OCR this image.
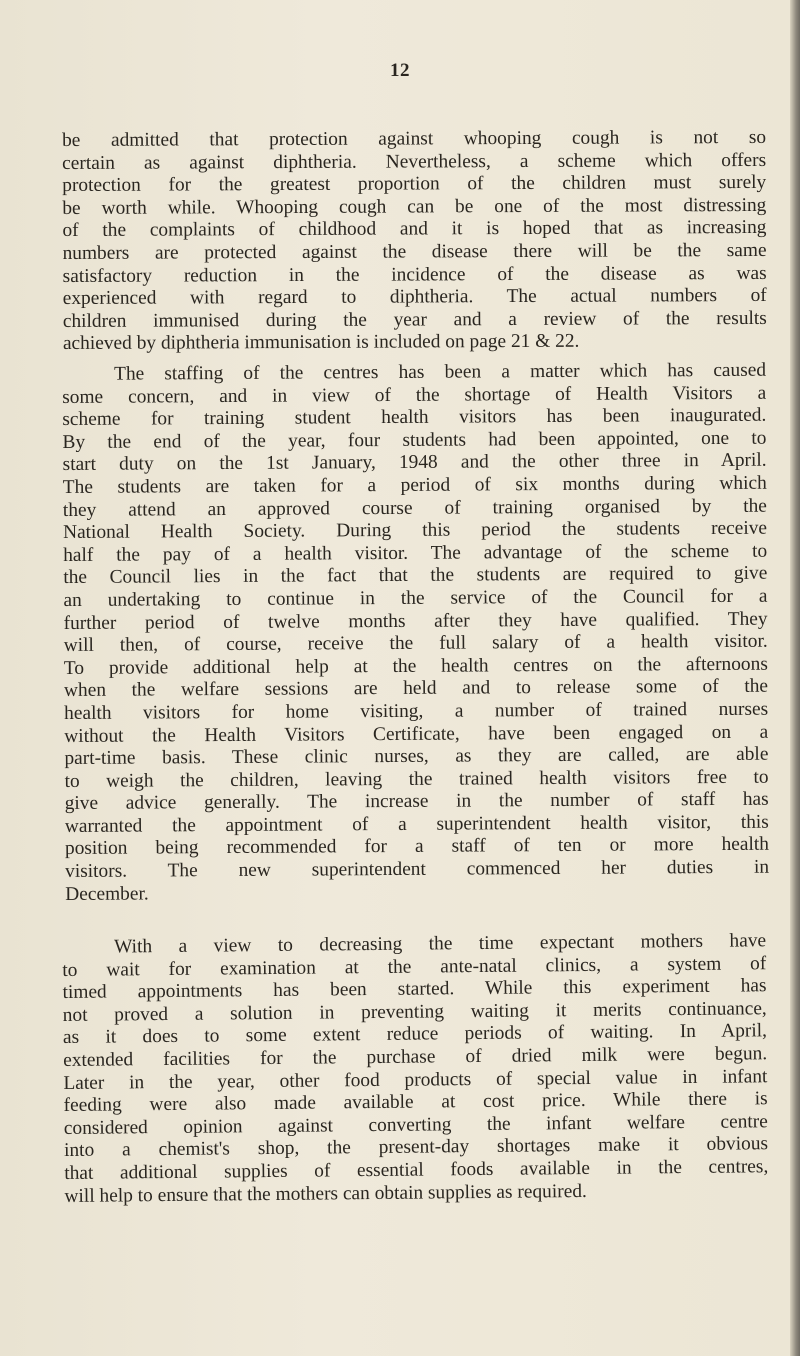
12
be admitted that protection against whooping cough is not so
certain as against diphtheria. Nevertheless, a scheme which offers
protection for the greatest proportion of the children must surely
be worth while. Whooping cough can be one of the most distressing
of the complaints of childhood and it is hoped that as increasing
numbers are protected against the disease there will be the same
satisfactory reduction in the incidence of the disease as was
experienced with regard to diphtheria. The actual numbers of
children immunised during the year and a review of the results
achieved by diphtheria immunisation is included on page 21 & 22.
The staffing of the centres has been a matter which has caused
some concern, and in view of the shortage of Health Visitors a
scheme for training student health visitors has been inaugurated.
By the end of the year, four students had been appointed, one to
start duty on the 1st January, 1948 and the other three in April.
The students are taken for a period of six months during which
they attend an approved course of training organised by the
National Health Society. During this period the students receive
half the pay of a health visitor. The advantage of the scheme to
the Council lies in the fact that the students are required to give
an undertaking to continue in the service of the Council for a
further period of twelve months after they have qualified. They
will then, of course, receive the full salary of a health visitor.
To provide additional help at the health centres on the afternoons
when the welfare sessions are held and to release some of the
health visitors for home visiting, a number of trained nurses
without the Health Visitors Certificate, have been engaged on a
part-time basis. These clinic nurses, as they are called, are able
to weigh the children, leaving the trained health visitors free to
give advice generally. The increase in the number of staff has
warranted the appointment of a superintendent health visitor, this
position being recommended for a staff of ten or more health
visitors. The new superintendent commenced her duties in
December.
With a view to decreasing the time expectant mothers have
to wait for examination at the ante-natal clinics, a system of
timed appointments has been started. While this experiment has
not proved a solution in preventing waiting it merits continuance,
as it does to some extent reduce periods of waiting. In April,
extended facilities for the purchase of dried milk were begun.
Later in the year, other food products of special value in infant
feeding were also made available at cost price. While there is
considered opinion against converting the infant welfare centre
into a chemist's shop, the present-day shortages make it obvious
that additional supplies of essential foods available in the centres,
will help to ensure that the mothers can obtain supplies as required.
